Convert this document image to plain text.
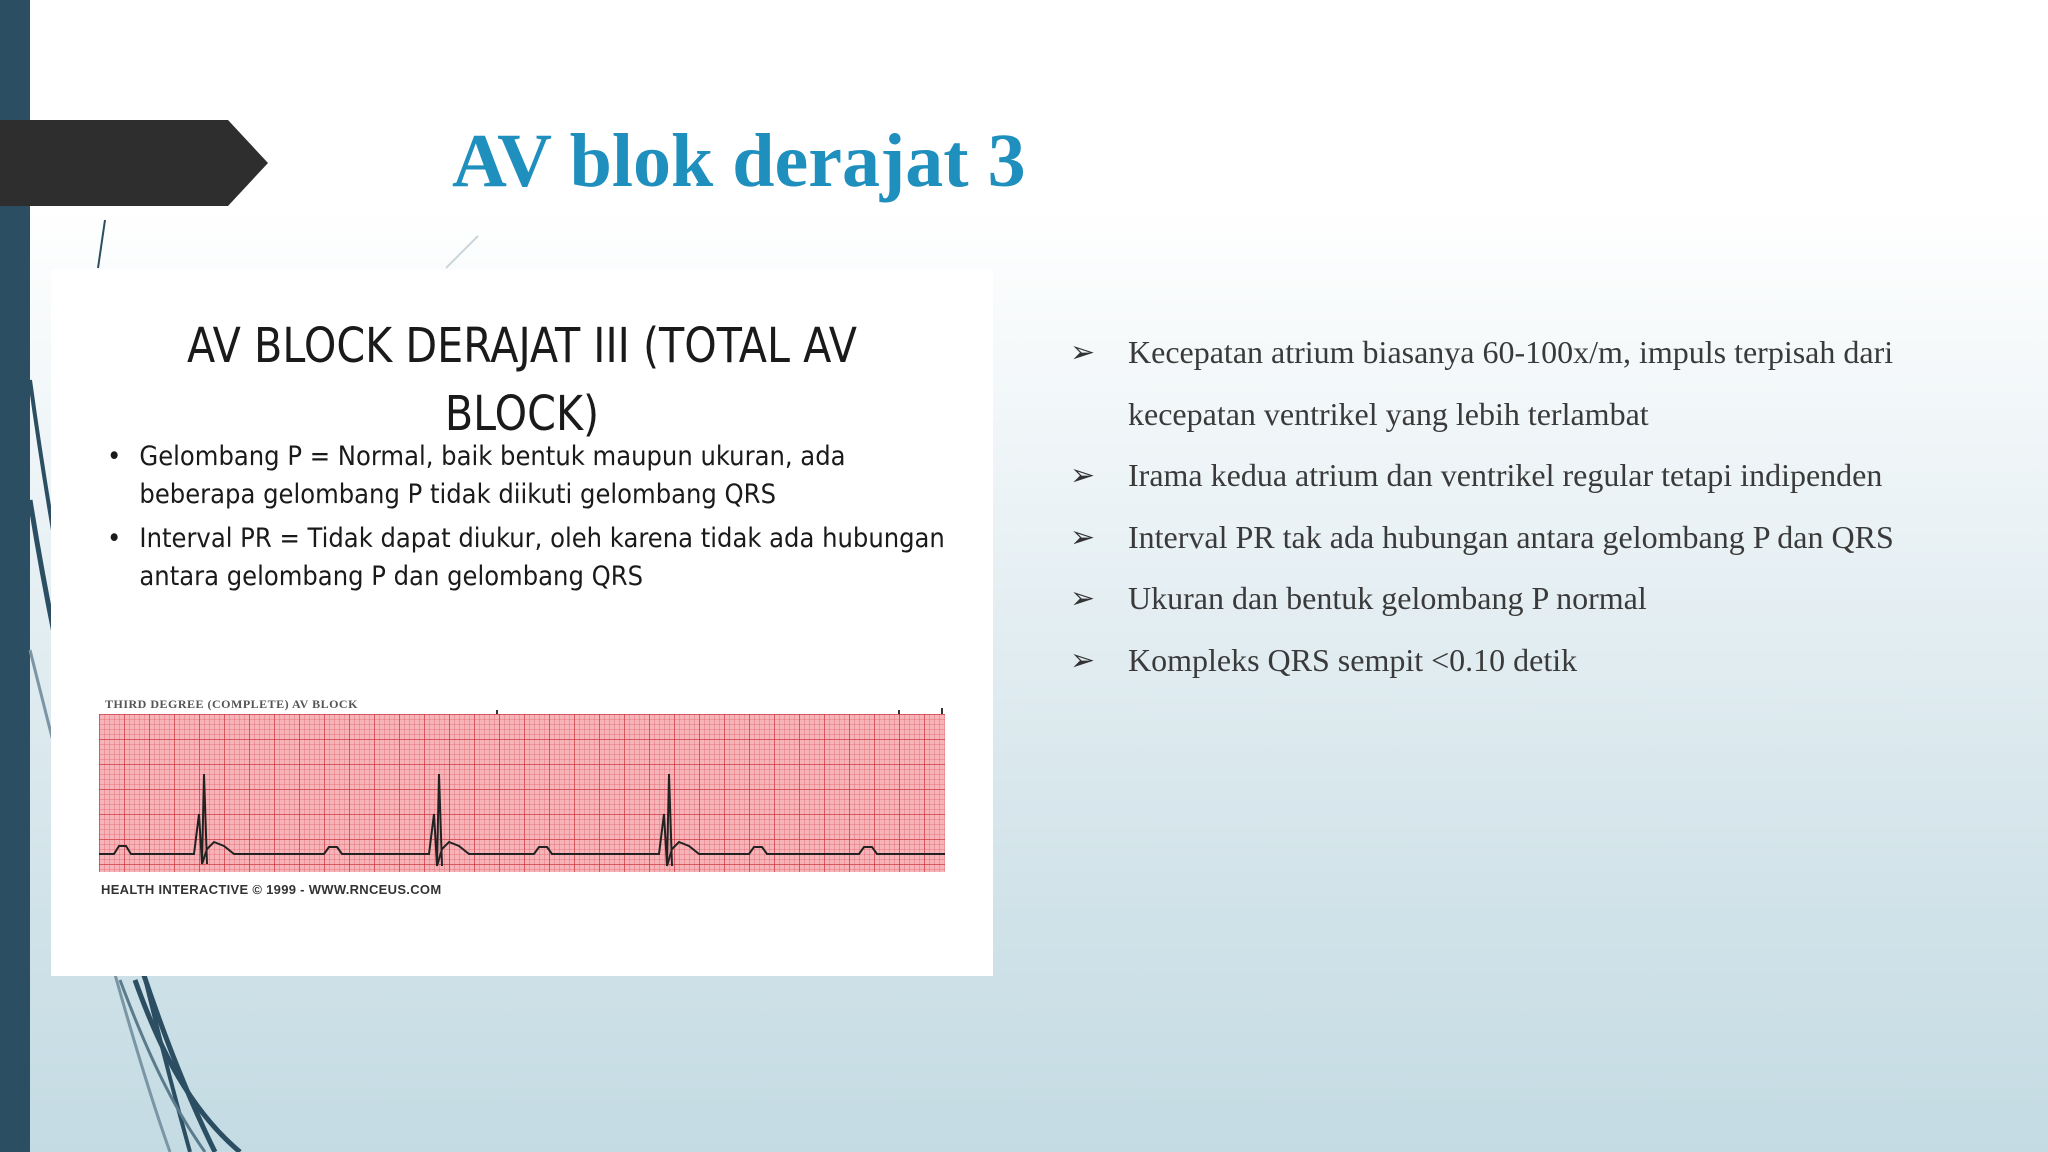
AV blok derajat 3
AV BLOCK DERAJAT III (TOTAL AV BLOCK)
• Gelombang P = Normal, baik bentuk maupun ukuran, ada beberapa gelombang P tidak diikuti gelombang QRS
• Interval PR = Tidak dapat diukur, oleh karena tidak ada hubungan antara gelombang P dan gelombang QRS

THIRD DEGREE (COMPLETE) AV BLOCK

HEALTH INTERACTIVE © 1999 - WWW.RNCEUS.COM

➢ Kecepatan atrium biasanya 60-100x/m, impuls terpisah dari kecepatan ventrikel yang lebih terlambat
➢ Irama kedua atrium dan ventrikel regular tetapi indipenden
➢ Interval PR tak ada hubungan antara gelombang P dan QRS
➢ Ukuran dan bentuk gelombang P normal
➢ Kompleks QRS sempit <0.10 detik
